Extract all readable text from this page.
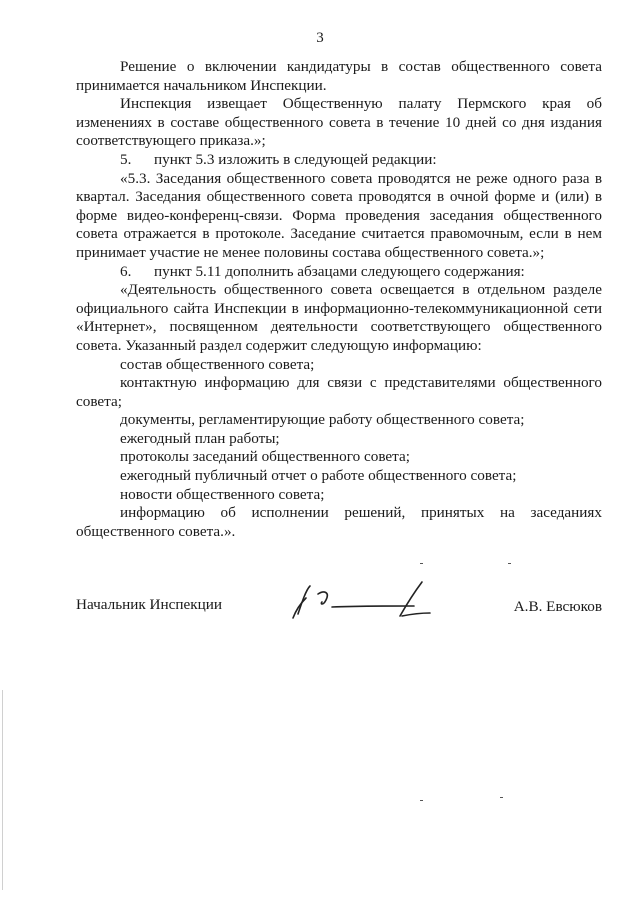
3
Решение о включении кандидатуры в состав общественного совета принимается начальником Инспекции.
Инспекция извещает Общественную палату Пермского края об изменениях в составе общественного совета в течение 10 дней со дня издания соответствующего приказа.»;
5.	пункт 5.3 изложить в следующей редакции:
«5.3. Заседания общественного совета проводятся не реже одного раза в квартал. Заседания общественного совета проводятся в очной форме и (или) в форме видео-конференц-связи. Форма проведения заседания общественного совета отражается в протоколе. Заседание считается правомочным, если в нем принимает участие не менее половины состава общественного совета.»;
6.	пункт 5.11 дополнить абзацами следующего содержания:
«Деятельность общественного совета освещается в отдельном разделе официального сайта Инспекции в информационно-телекоммуникационной сети «Интернет», посвященном деятельности соответствующего общественного совета. Указанный раздел содержит следующую информацию:
состав общественного совета;
контактную информацию для связи с представителями общественного совета;
документы, регламентирующие работу общественного совета;
ежегодный план работы;
протоколы заседаний общественного совета;
ежегодный публичный отчет о работе общественного совета;
новости общественного совета;
информацию об исполнении решений, принятых на заседаниях общественного совета.».
Начальник Инспекции	А.В. Евсюков
